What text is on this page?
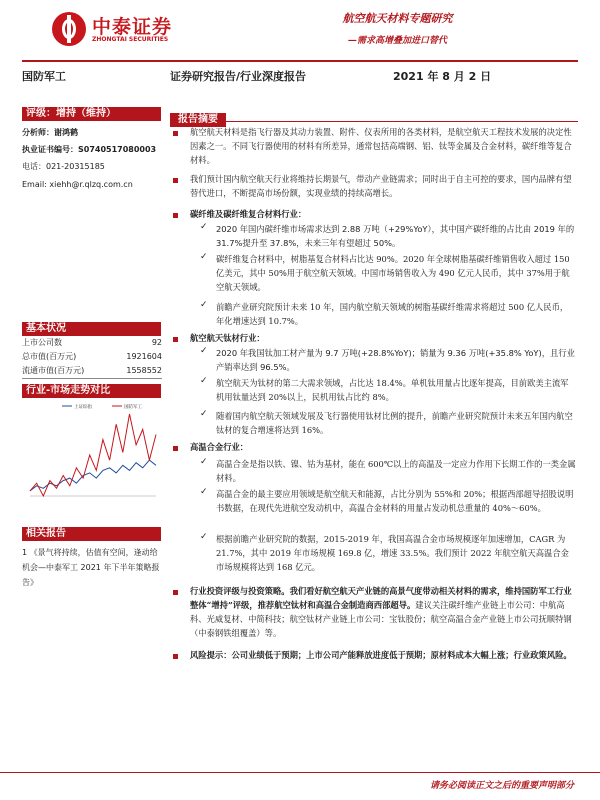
中泰证券
ZHONGTAI SECURITIES
航空航天材料专题研究
—需求高增叠加进口替代
国防军工	证券研究报告/行业深度报告	2021 年 8 月 2 日
评级：增持（维持）
分析师：谢鸿鹤
执业证书编号：S0740517080003
电话：021-20315185
Email: xiehh@r.qlzq.com.cn
基本状况
上市公司数	92
总市值(百万元)	1921604
流通市值(百万元)	1558552
行业-市场走势对比
上证综指	国防军工
相关报告
1 《景气将持续，估值有空间，逢动给机会—中泰军工 2021 年下半年策略报告》
报告摘要
航空航天材料是指飞行器及其动力装置、附件、仪表所用的各类材料，是航空航天工程技术发展的决定性因素之一。不同飞行器使用的材料有所差异，通常包括高端钢、铝、钛等金属及合金材料，碳纤维等复合材料。
我们预计国内航空航天行业将维持长期景气，带动产业链需求；同时出于自主可控的要求，国内品牌有望替代进口，不断提高市场份额，实现业绩的持续高增长。
碳纤维及碳纤维复合材料行业：
✓ 2020 年国内碳纤维市场需求达到 2.88 万吨（+29%YoY），其中国产碳纤维的占比由 2019 年的 31.7%提升至 37.8%，未来三年有望超过 50%。
✓ 碳纤维复合材料中，树脂基复合材料占比达 90%。2020 年全球树脂基碳纤维销售收入超过 150 亿美元，其中 50%用于航空航天领域。中国市场销售收入为 490 亿元人民币，其中 37%用于航空航天领域。
✓ 前瞻产业研究院预计未来 10 年，国内航空航天领域的树脂基碳纤维需求将超过 500 亿人民币，年化增速达到 10.7%。
航空航天钛材行业：
✓ 2020 年我国钛加工材产量为 9.7 万吨(+28.8%YoY)；销量为 9.36 万吨(+35.8% YoY)，且行业产销率达到 96.5%。
✓ 航空航天为钛材的第二大需求领域，占比达 18.4%。单机钛用量占比逐年提高，目前欧美主流军机用钛量达到 20%以上，民机用钛占比约 8%。
✓ 随着国内航空航天领域发展及飞行器使用钛材比例的提升，前瞻产业研究院预计未来五年国内航空钛材的复合增速将达到 16%。
高温合金行业：
✓ 高温合金是指以铁、镍、钴为基材，能在 600℃以上的高温及一定应力作用下长期工作的一类金属材料。
✓ 高温合金的最主要应用领域是航空航天和能源，占比分别为 55%和 20%；根据西部超导招股说明书数据，在现代先进航空发动机中，高温合金材料的用量占发动机总重量的 40%～60%。
✓ 根据前瞻产业研究院的数据，2015-2019 年，我国高温合金市场规模逐年加速增加，CAGR 为 21.7%，其中 2019 年市场规模 169.8 亿，增速 33.5%。我们预计 2022 年航空航天高温合金市场规模将达到 168 亿元。
行业投资评级与投资策略。我们看好航空航天产业链的高景气度带动相关材料的需求，维持国防军工行业整体“增持”评级，推荐航空钛材和高温合金制造商西部超导。建议关注碳纤维产业链上市公司：中航高科、光威复材、中简科技；航空钛材产业链上市公司：宝钛股份；航空高温合金产业链上市公司抚顺特钢（中泰钢铁组覆盖）等。
风险提示：公司业绩低于预期；上市公司产能释放进度低于预期；原材料成本大幅上涨；行业政策风险。
请务必阅读正文之后的重要声明部分
